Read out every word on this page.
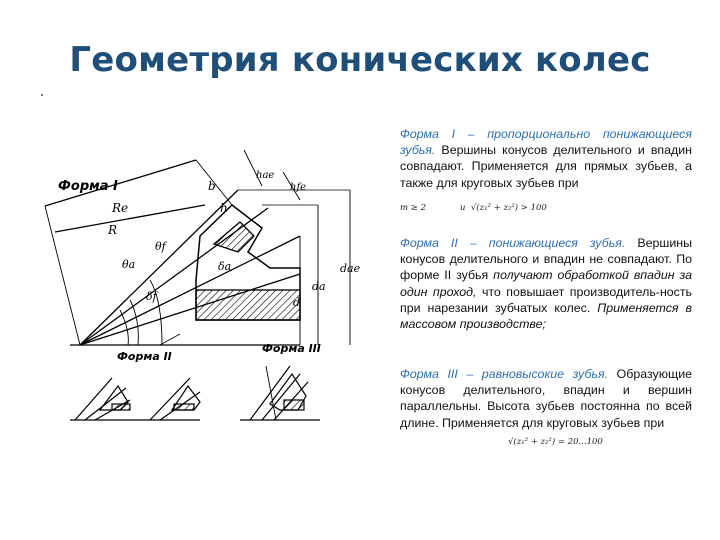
Геометрия конических колес
Форма I
Форма II
Форма III
Re
R
b
h
hae
hfe
θa
θf
δa
δf
dae
da
d

Форма I – пропорционально понижающиеся зубья. Вершины конусов делительного и впадин совпадают. Применяется для прямых зубьев, а также для круговых зубьев при

m ≥ 2	и √(z₁² + z₂²) > 100

Форма II – понижающиеся зубья. Вершины конусов делительного и впадин не совпадают. По форме II зубья получают обработкой впадин за один проход, что повышает производитель-ность при нарезании зубчатых колес. Применяется в массовом производстве;

Форма III – равновысокие зубья. Образующие конусов делительного, впадин и вершин параллельны. Высота зубьев постоянна по всей длине. Применяется для круговых зубьев при

√(z₁² + z₂²) = 20...100
